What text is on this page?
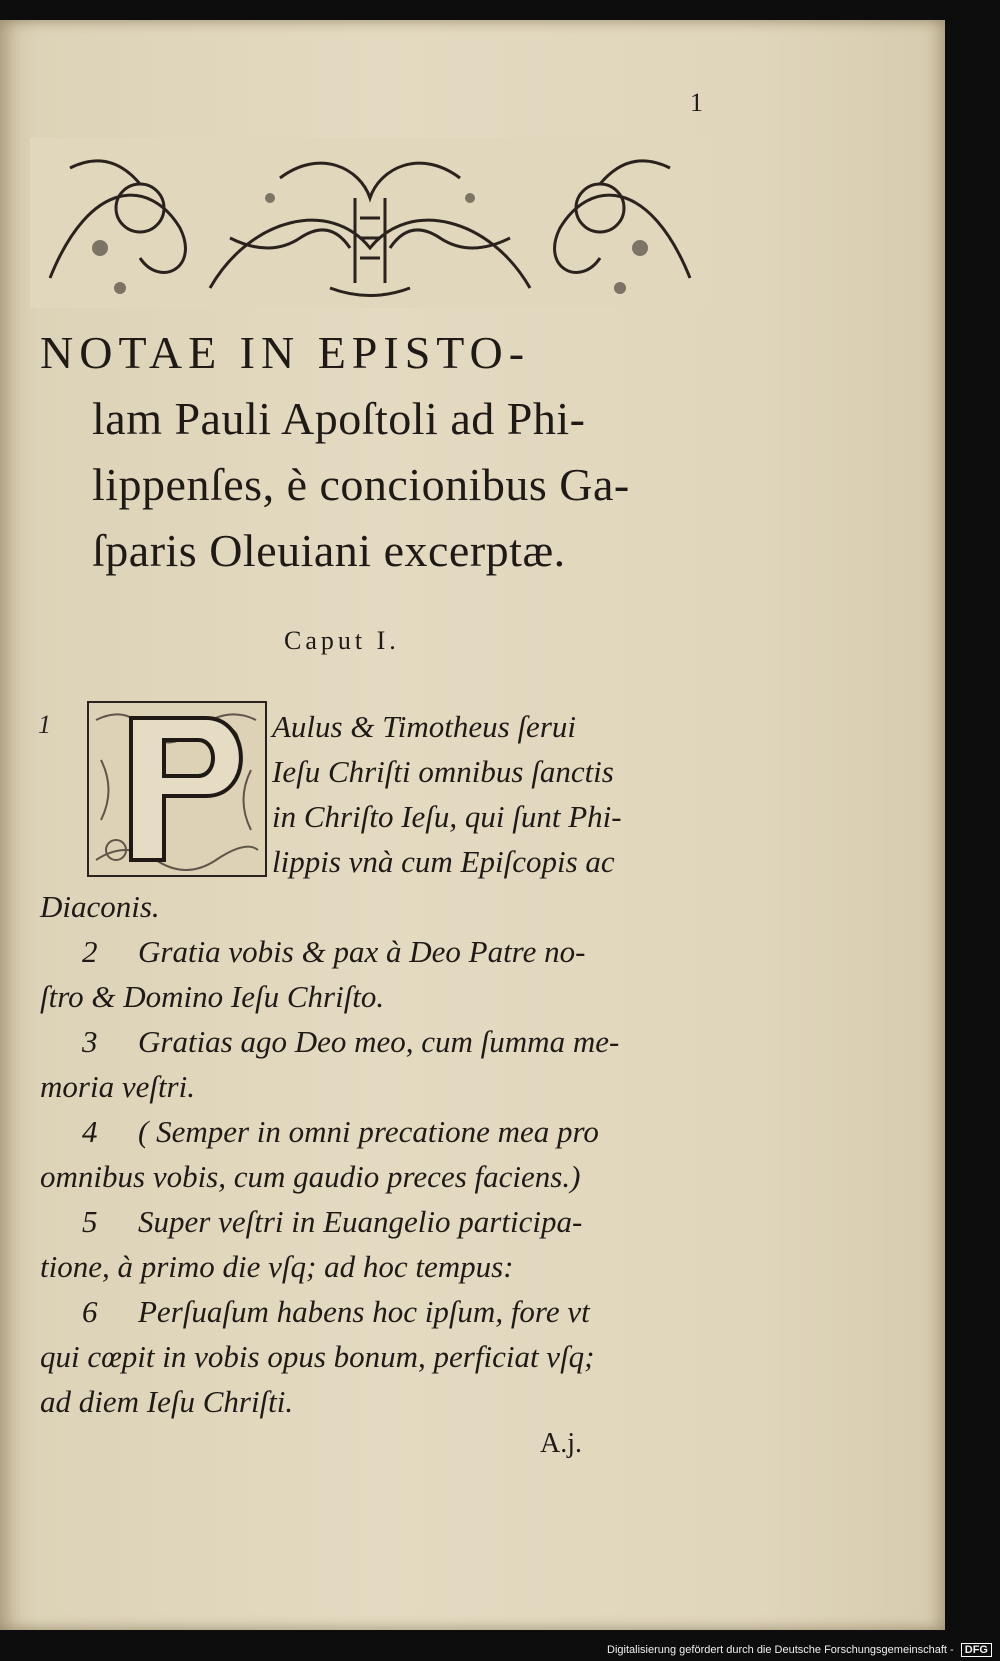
1
NOTAE IN EPISTO-
lam Pauli Apoſtoli ad Phi-
lippenſes, è concionibus Ga-
ſparis Oleuiani excerptæ.
Caput I.
1	Aulus & Timotheus ſerui
Ieſu Chriſti omnibus ſanctis
in Chriſto Ieſu, qui ſunt Phi-
lippis vnà cum Epiſcopis ac
Diaconis.
2 Gratia vobis & pax à Deo Patre no-
ſtro & Domino Ieſu Chriſto.
3 Gratias ago Deo meo, cum ſumma me-
moria veſtri.
4 ( Semper in omni precatione mea pro
omnibus vobis, cum gaudio preces faciens.)
5 Super veſtri in Euangelio participa-
tione, à primo die vſq; ad hoc tempus:
6 Perſuaſum habens hoc ipſum, fore vt
qui cœpit in vobis opus bonum, perficiat vſq;
ad diem Ieſu Chriſti.
A.j.
Digitalisierung gefördert durch die Deutsche Forschungsgemeinschaft - DFG
